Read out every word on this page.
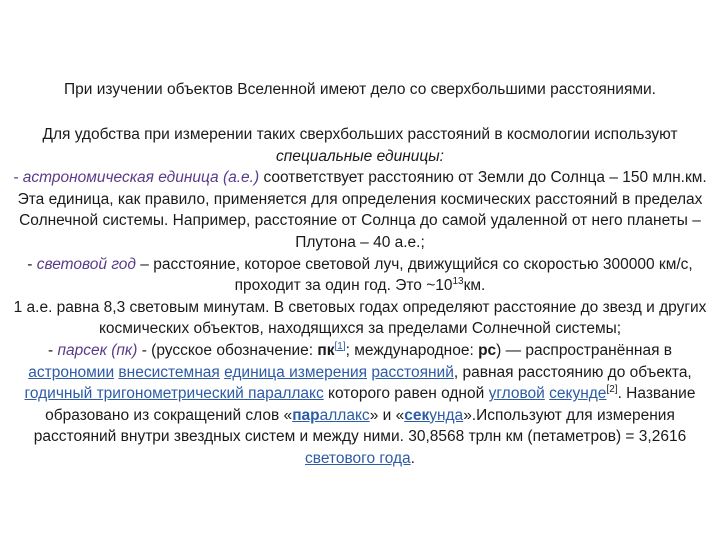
При изучении объектов Вселенной имеют дело со сверхбольшими расстояниями.
Для удобства при измерении таких сверхбольших расстояний в космологии используют специальные единицы:
- астрономическая единица (а.е.) соответствует расстоянию от Земли до Солнца – 150 млн.км.
Эта единица, как правило, применяется для определения космических расстояний в пределах Солнечной системы. Например, расстояние от Солнца до самой удаленной от него планеты – Плутона – 40 а.е.;
- световой год – расстояние, которое световой луч, движущийся со скоростью 300000 км/с, проходит за один год. Это $\sim 10^{13}км$.
1 а.е. равна 8,3 световым минутам. В световых годах определяют расстояние до звезд и других космических объектов, находящихся за пределами Солнечной системы;
- парсек (пк) - (русское обозначение: пк[1]; международное: pc) — распространённая в астрономии внесистемная единица измерения расстояний, равная расстоянию до объекта, годичный тригонометрический параллакс которого равен одной угловой секунде[2]. Название образовано из сокращений слов «параллакс» и «секунда».Используют для измерения расстояний внутри звездных систем и между ними. 30,8568 трлн км (петаметров) = 3,2616 светового года.
